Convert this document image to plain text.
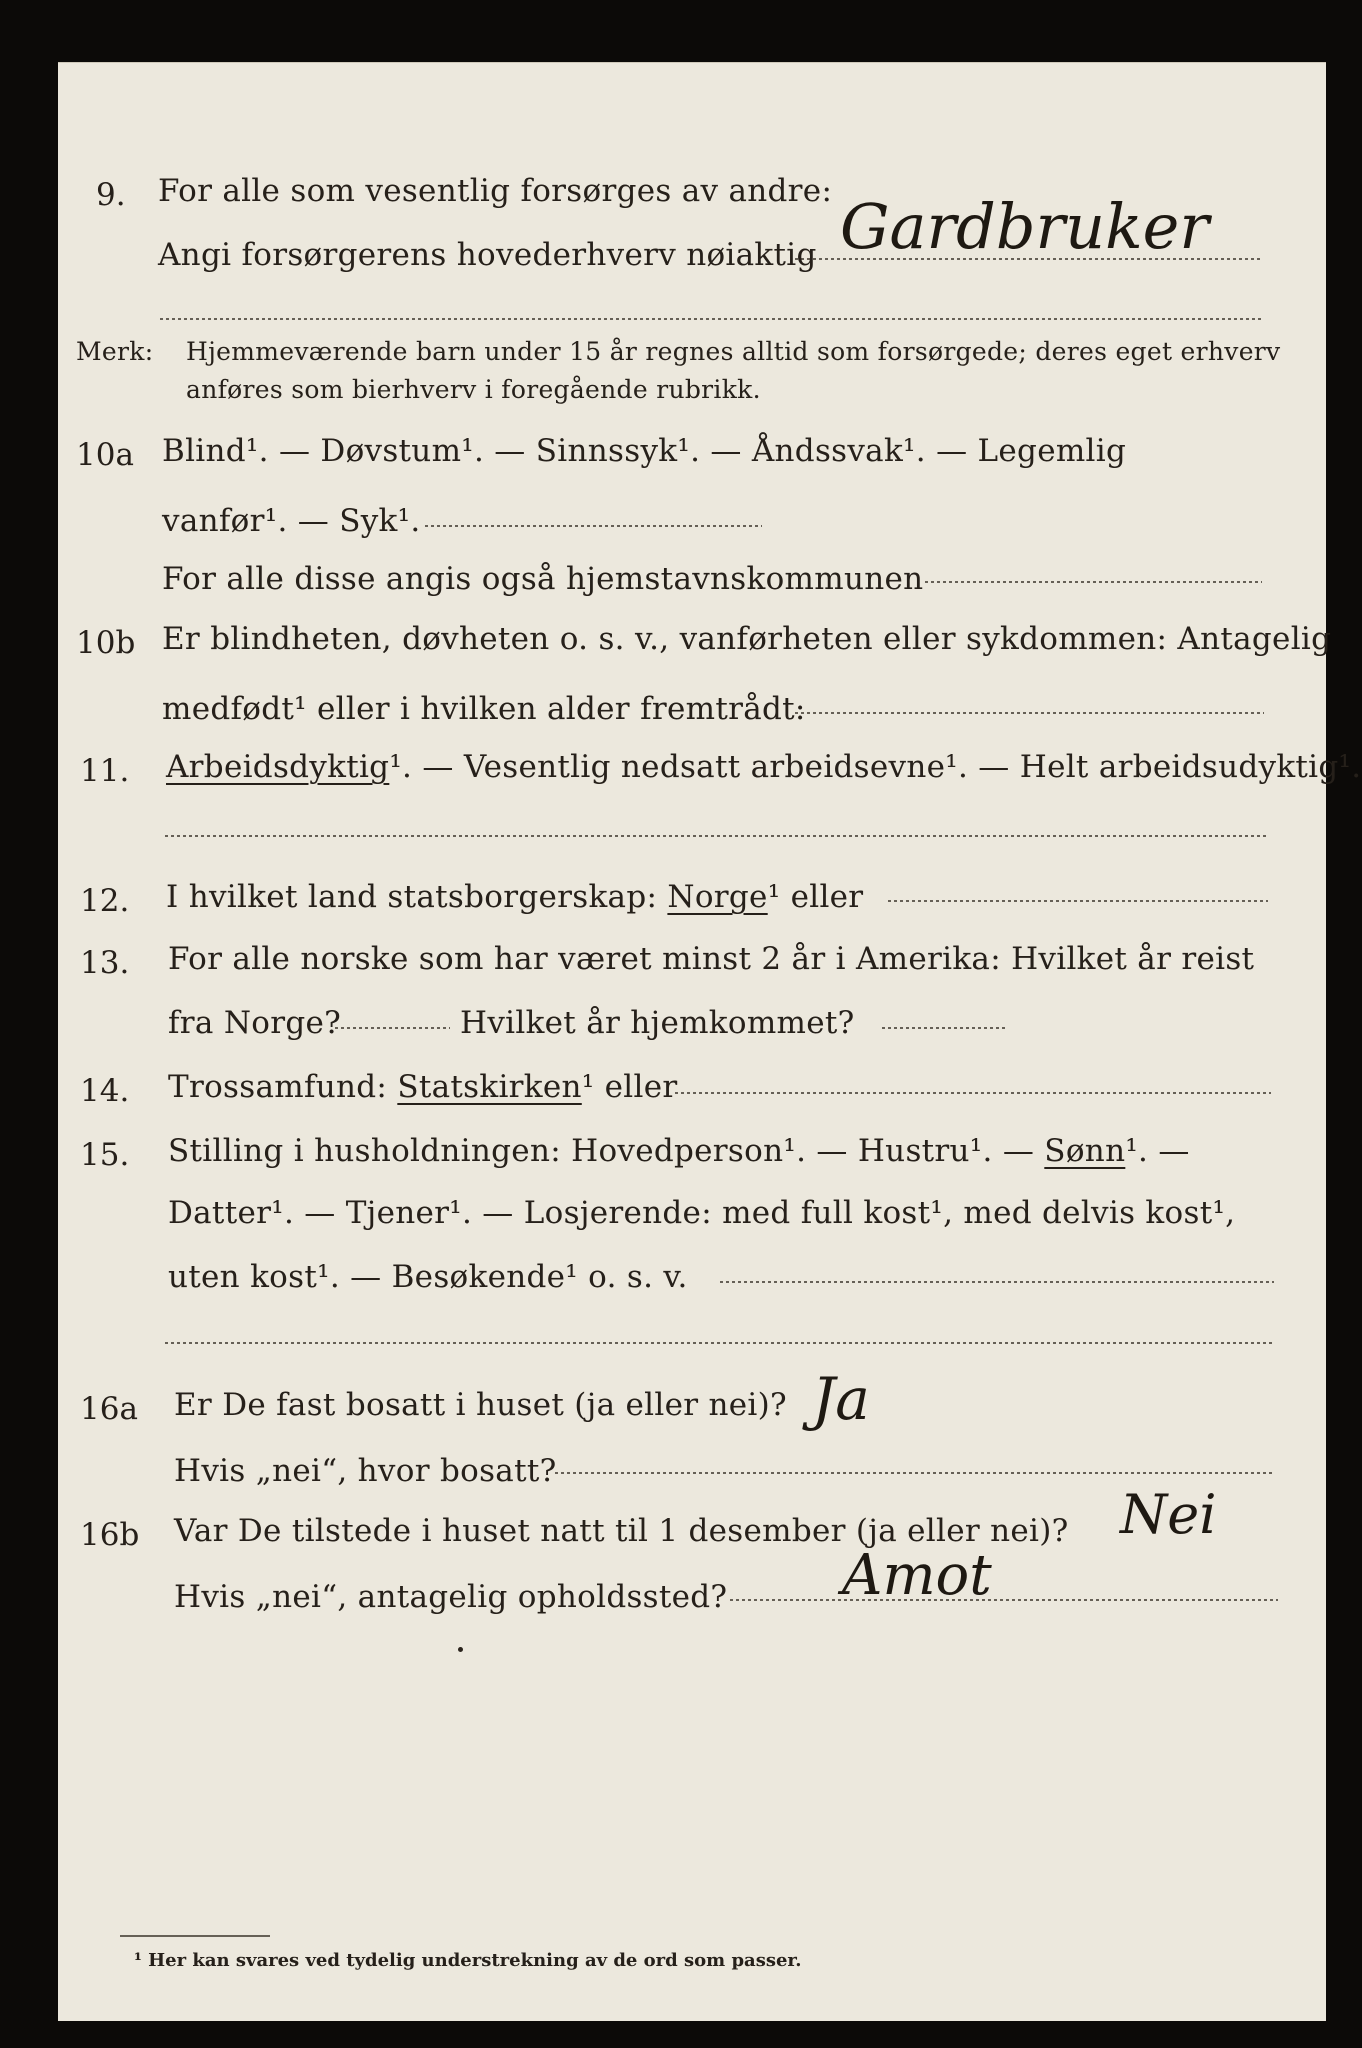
9. For alle som vesentlig forsørges av andre:
Angi forsørgerens hovederhverv nøiaktig Gardbruker
Merk: Hjemmeværende barn under 15 år regnes alltid som forsørgede; deres eget erhverv
anføres som bierhverv i foregående rubrikk.
10a Blind¹. — Døvstum¹. — Sinnssyk¹. — Åndssvak¹. — Legemlig
vanfør¹. — Syk¹.
For alle disse angis også hjemstavnskommunen
10b Er blindheten, døvheten o. s. v., vanførheten eller sykdommen: Antagelig
medfødt¹ eller i hvilken alder fremtrådt:
11. Arbeidsdyktig¹. — Vesentlig nedsatt arbeidsevne¹. — Helt arbeidsudyktig¹.
12. I hvilket land statsborgerskap: Norge¹ eller
13. For alle norske som har været minst 2 år i Amerika: Hvilket år reist
fra Norge?	Hvilket år hjemkommet?
14. Trossamfund: Statskirken¹ eller
15. Stilling i husholdningen: Hovedperson¹. — Hustru¹. — Sønn¹. —
Datter¹. — Tjener¹. — Losjerende: med full kost¹, med delvis kost¹,
uten kost¹. — Besøkende¹ o. s. v.
16a Er De fast bosatt i huset (ja eller nei)?
Hvis „nei“, hvor bosatt?
Ja
16b Var De tilstede i huset natt til 1 desember (ja eller nei)?
Hvis „nei“, antagelig opholdssted?
Nei
Amot
¹ Her kan svares ved tydelig understrekning av de ord som passer.
